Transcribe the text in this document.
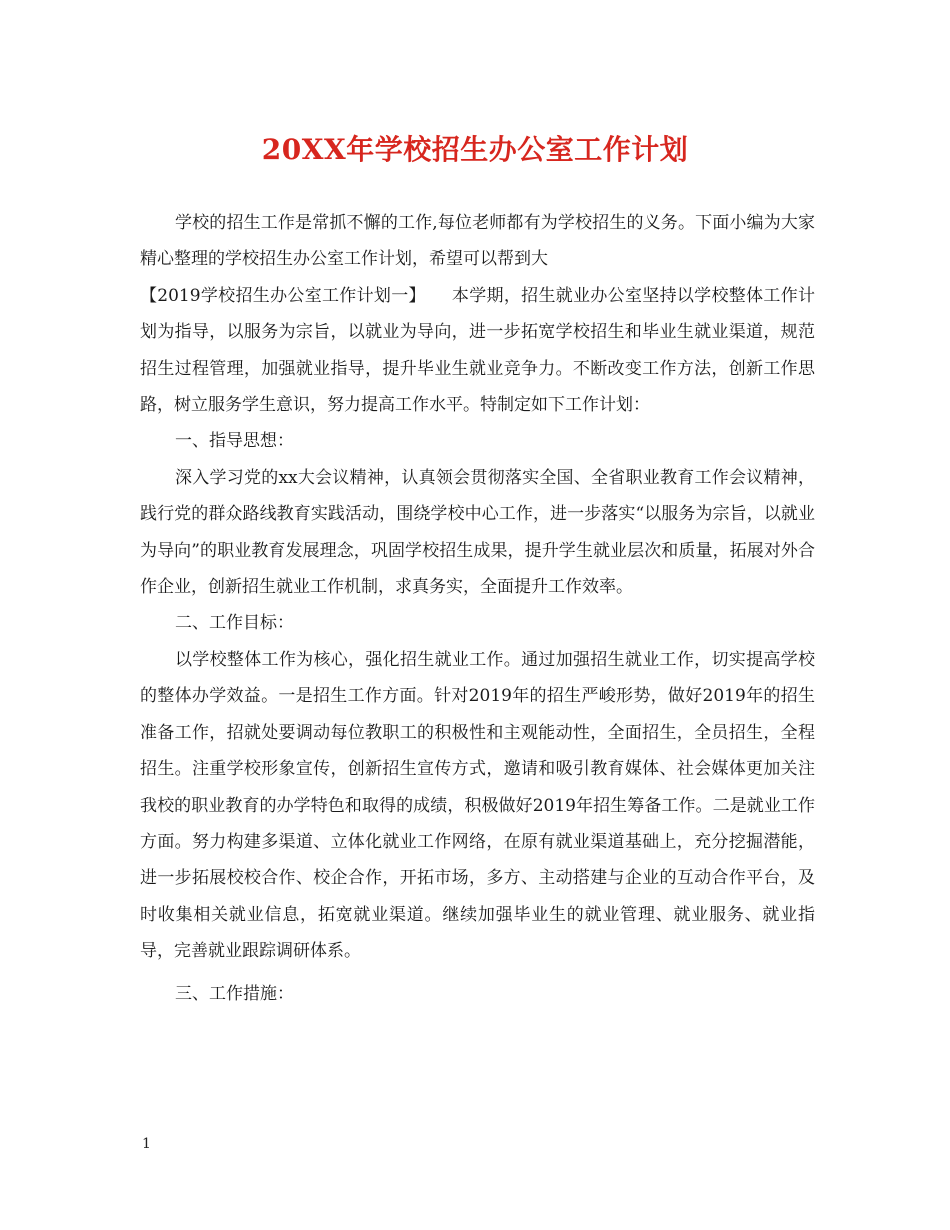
20XX年学校招生办公室工作计划

学校的招生工作是常抓不懈的工作,每位老师都有为学校招生的义务。下面小编为大家精心整理的学校招生办公室工作计划，希望可以帮到大

【2019学校招生办公室工作计划一】　　本学期，招生就业办公室坚持以学校整体工作计划为指导，以服务为宗旨，以就业为导向，进一步拓宽学校招生和毕业生就业渠道，规范招生过程管理，加强就业指导，提升毕业生就业竞争力。不断改变工作方法，创新工作思路，树立服务学生意识，努力提高工作水平。特制定如下工作计划：

一、指导思想：

深入学习党的xx大会议精神，认真领会贯彻落实全国、全省职业教育工作会议精神，践行党的群众路线教育实践活动，围绕学校中心工作，进一步落实“以服务为宗旨，以就业为导向”的职业教育发展理念，巩固学校招生成果，提升学生就业层次和质量，拓展对外合作企业，创新招生就业工作机制，求真务实，全面提升工作效率。

二、工作目标：

以学校整体工作为核心，强化招生就业工作。通过加强招生就业工作，切实提高学校的整体办学效益。一是招生工作方面。针对2019年的招生严峻形势，做好2019年的招生准备工作，招就处要调动每位教职工的积极性和主观能动性，全面招生，全员招生，全程招生。注重学校形象宣传，创新招生宣传方式，邀请和吸引教育媒体、社会媒体更加关注我校的职业教育的办学特色和取得的成绩，积极做好2019年招生筹备工作。二是就业工作方面。努力构建多渠道、立体化就业工作网络，在原有就业渠道基础上，充分挖掘潜能，进一步拓展校校合作、校企合作，开拓市场，多方、主动搭建与企业的互动合作平台，及时收集相关就业信息，拓宽就业渠道。继续加强毕业生的就业管理、就业服务、就业指导，完善就业跟踪调研体系。

三、工作措施：

1
